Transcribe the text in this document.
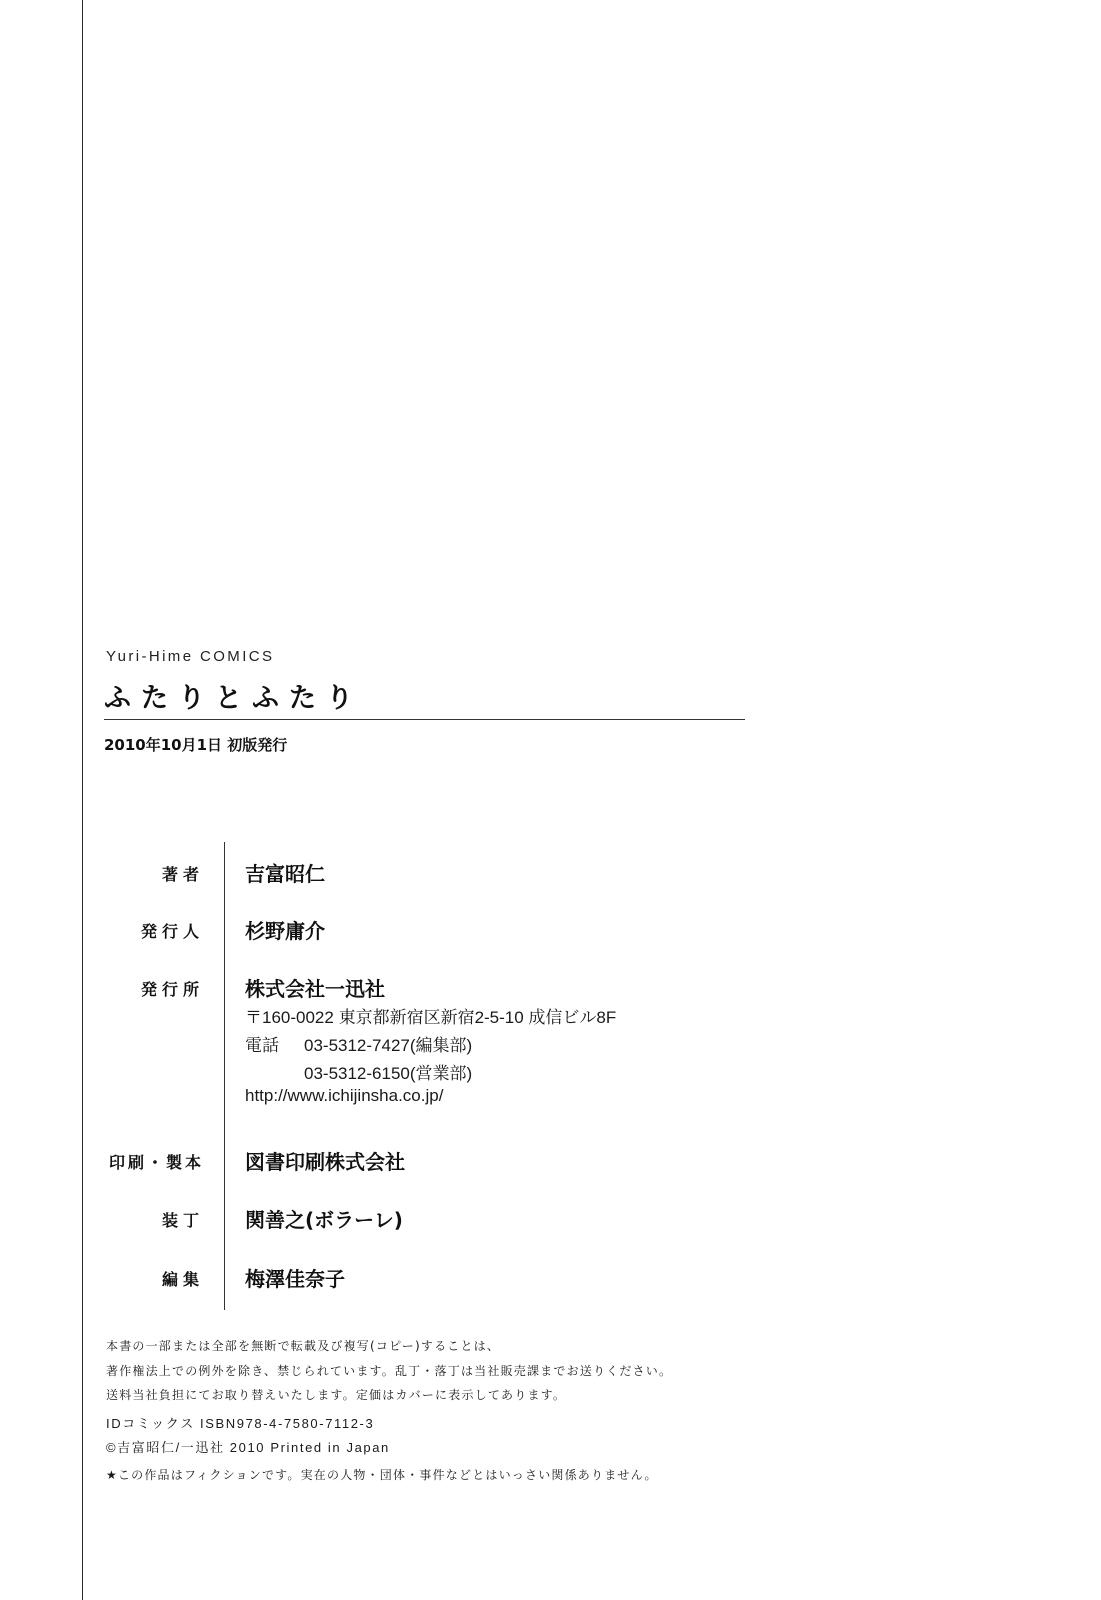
Yuri-Hime COMICS
ふたりとふたり
2010年10月1日 初版発行
著者 吉富昭仁
発行人 杉野庸介
発行所 株式会社一迅社
〒160-0022 東京都新宿区新宿2-5-10 成信ビル8F
電話 03-5312-7427(編集部)
03-5312-6150(営業部)
http://www.ichijinsha.co.jp/
印刷・製本 図書印刷株式会社
装丁 関善之(ボラーレ)
編集 梅澤佳奈子
本書の一部または全部を無断で転載及び複写(コピー)することは、
著作権法上での例外を除き、禁じられています。乱丁・落丁は当社販売課までお送りください。
送料当社負担にてお取り替えいたします。定価はカバーに表示してあります。
IDコミックス ISBN978-4-7580-7112-3
©吉富昭仁/一迅社 2010 Printed in Japan
★この作品はフィクションです。実在の人物・団体・事件などとはいっさい関係ありません。
